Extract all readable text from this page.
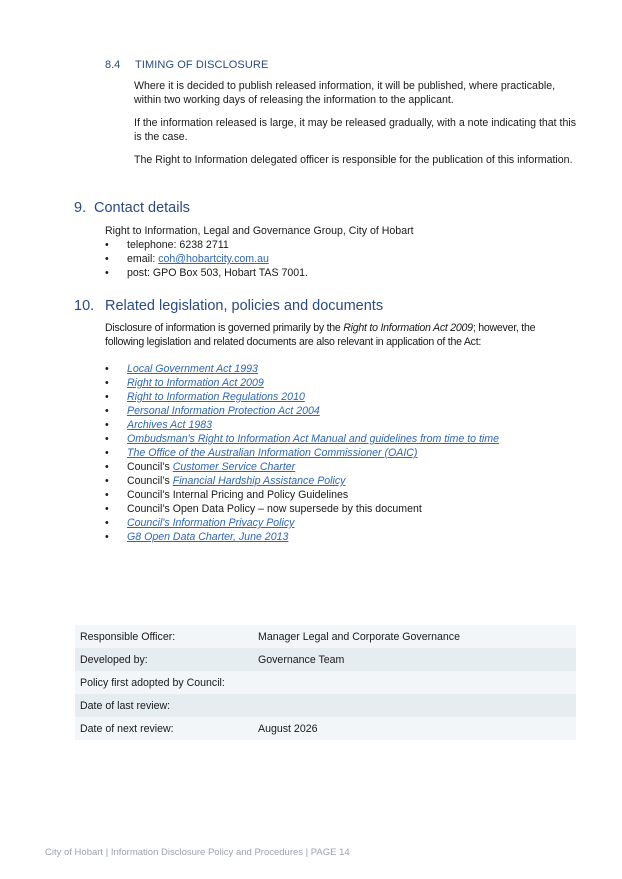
8.4 TIMING OF DISCLOSURE

Where it is decided to publish released information, it will be published, where practicable, within two working days of releasing the information to the applicant.

If the information released is large, it may be released gradually, with a note indicating that this is the case.

The Right to Information delegated officer is responsible for the publication of this information.

9. Contact details

Right to Information, Legal and Governance Group, City of Hobart

• telephone: 6238 2711
• email: coh@hobartcity.com.au
• post: GPO Box 503, Hobart TAS 7001.
10. Related legislation, policies and documents

Disclosure of information is governed primarily by the Right to Information Act 2009; however, the following legislation and related documents are also relevant in application of the Act:

• Local Government Act 1993
• Right to Information Act 2009
• Right to Information Regulations 2010
• Personal Information Protection Act 2004
• Archives Act 1983
• Ombudsman's Right to Information Act Manual and guidelines from time to time
• The Office of the Australian Information Commissioner (OAIC)
• Council’s Customer Service Charter
• Council’s Financial Hardship Assistance Policy
• Council’s Internal Pricing and Policy Guidelines
• Council’s Open Data Policy – now supersede by this document
• Council's Information Privacy Policy
• G8 Open Data Charter, June 2013
Responsible Officer:	Manager Legal and Corporate Governance
Developed by:	Governance Team
Policy first adopted by Council:	
Date of last review:	
Date of next review:	August 2026
City of Hobart | Information Disclosure Policy and Procedures | PAGE 14
